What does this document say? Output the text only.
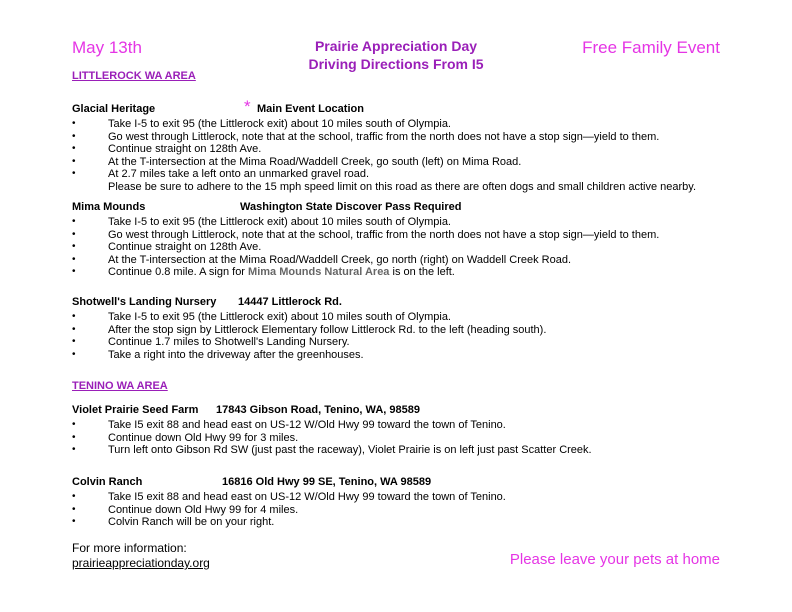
May 13th	Prairie Appreciation Day
Driving Directions From I5
Free Family Event
LITTLEROCK WA AREA
*
Glacial Heritage	Main Event Location
• Take I-5 to exit 95 (the Littlerock exit) about 10 miles south of Olympia.
• Go west through Littlerock, note that at the school, traffic from the north does not have a stop sign—yield to them.
• Continue straight on 128th Ave.
• At the T-intersection at the Mima Road/Waddell Creek, go south (left) on Mima Road.
• At 2.7 miles take a left onto an unmarked gravel road.
Please be sure to adhere to the 15 mph speed limit on this road as there are often dogs and small children active nearby.
Mima Mounds	Washington State Discover Pass Required
• Take I-5 to exit 95 (the Littlerock exit) about 10 miles south of Olympia.
• Go west through Littlerock, note that at the school, traffic from the north does not have a stop sign—yield to them.
• Continue straight on 128th Ave.
• At the T-intersection at the Mima Road/Waddell Creek, go north (right) on Waddell Creek Road.
• Continue 0.8 mile. A sign for Mima Mounds Natural Area is on the left.
Shotwell's Landing Nursery 14447 Littlerock Rd.
• Take I-5 to exit 95 (the Littlerock exit) about 10 miles south of Olympia.
• After the stop sign by Littlerock Elementary follow Littlerock Rd. to the left (heading south).
• Continue 1.7 miles to Shotwell's Landing Nursery.
• Take a right into the driveway after the greenhouses.
TENINO WA AREA
Violet Prairie Seed Farm 17843 Gibson Road, Tenino, WA, 98589
• Take I5 exit 88 and head east on US-12 W/Old Hwy 99 toward the town of Tenino.
• Continue down Old Hwy 99 for 3 miles.
• Turn left onto Gibson Rd SW (just past the raceway), Violet Prairie is on left just past Scatter Creek.
Colvin Ranch	16816 Old Hwy 99 SE, Tenino, WA 98589
• Take I5 exit 88 and head east on US-12 W/Old Hwy 99 toward the town of Tenino.
• Continue down Old Hwy 99 for 4 miles.
• Colvin Ranch will be on your right.
For more information:
prairieappreciationday.org	Please leave your pets at home
